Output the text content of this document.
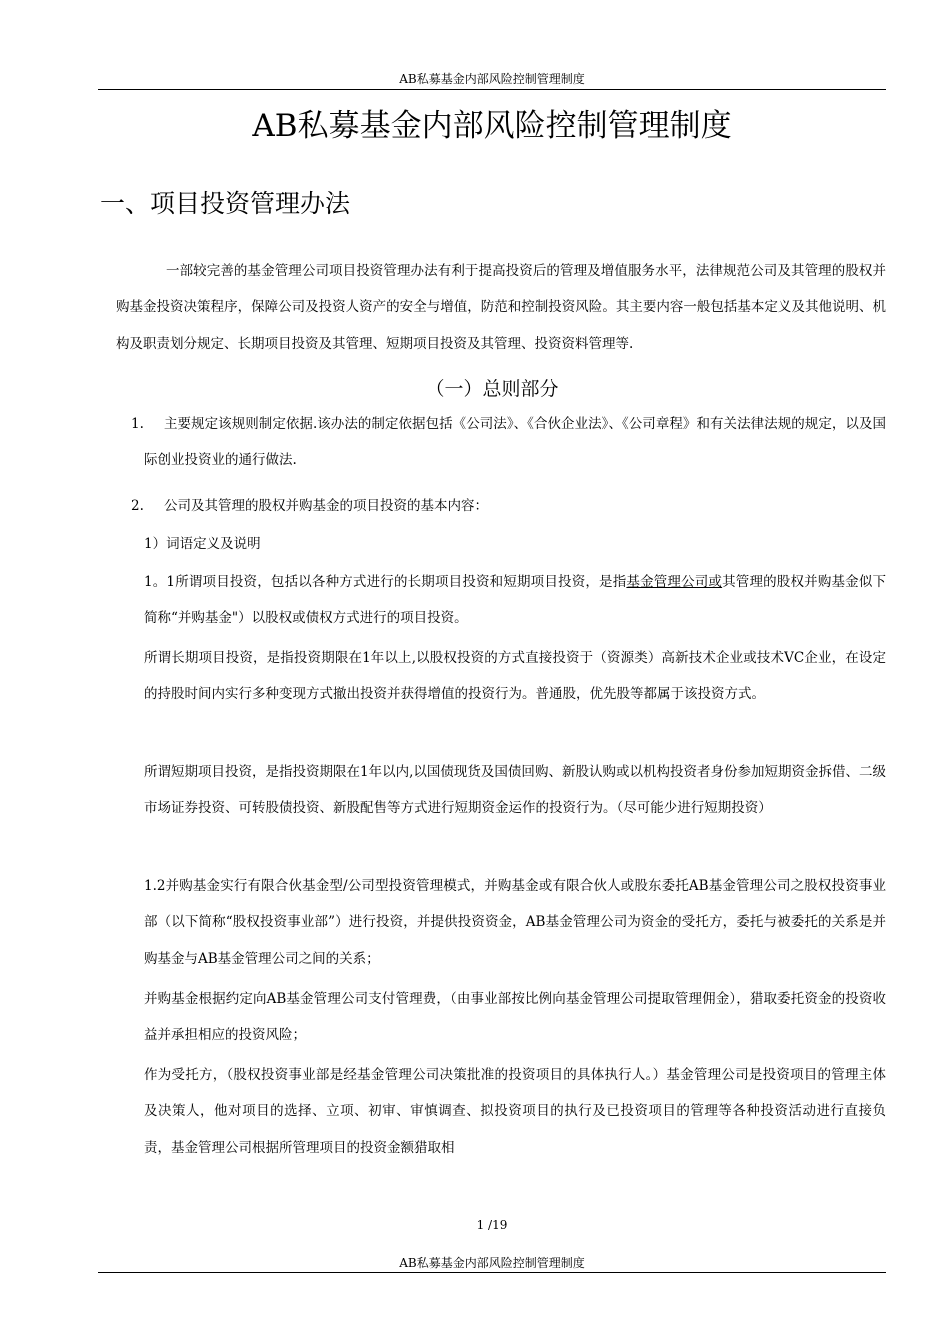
AB私募基金内部风险控制管理制度
AB私募基金内部风险控制管理制度
一、项目投资管理办法

一部较完善的基金管理公司项目投资管理办法有利于提高投资后的管理及增值服务水平，法律规范公司及其管理的股权并购基金投资决策程序，保障公司及投资人资产的安全与增值，防范和控制投资风险。其主要内容一般包括基本定义及其他说明、机构及职责划分规定、长期项目投资及其管理、短期项目投资及其管理、投资资料管理等.

（一）总则部分

1. 主要规定该规则制定依据.该办法的制定依据包括《公司法》、《合伙企业法》、《公司章程》和有关法律法规的规定，以及国际创业投资业的通行做法.

2. 公司及其管理的股权并购基金的项目投资的基本内容：

1）词语定义及说明

1。1所谓项目投资，包括以各种方式进行的长期项目投资和短期项目投资，是指基金管理公司或其管理的股权并购基金似下简称“并购基金"）以股权或债权方式进行的项目投资。

所谓长期项目投资，是指投资期限在1年以上,以股权投资的方式直接投资于（资源类）高新技术企业或技术VC企业，在设定的持股时间内实行多种变现方式撤出投资并获得增值的投资行为。普通股，优先股等都属于该投资方式。

所谓短期项目投资，是指投资期限在1年以内,以国债现货及国债回购、新股认购或以机构投资者身份参加短期资金拆借、二级市场证券投资、可转股债投资、新股配售等方式进行短期资金运作的投资行为。（尽可能少进行短期投资）

1.2并购基金实行有限合伙基金型/公司型投资管理模式，并购基金或有限合伙人或股东委托AB基金管理公司之股权投资事业部（以下简称“股权投资事业部”）进行投资，并提供投资资金，AB基金管理公司为资金的受托方，委托与被委托的关系是并购基金与AB基金管理公司之间的关系；

并购基金根据约定向AB基金管理公司支付管理费，（由事业部按比例向基金管理公司提取管理佣金），猎取委托资金的投资收益并承担相应的投资风险；

作为受托方，（股权投资事业部是经基金管理公司决策批准的投资项目的具体执行人。）基金管理公司是投资项目的管理主体及决策人，他对项目的选择、立项、初审、审慎调查、拟投资项目的执行及已投资项目的管理等各种投资活动进行直接负责，基金管理公司根据所管理项目的投资金额猎取相

1 /19
AB私募基金内部风险控制管理制度
